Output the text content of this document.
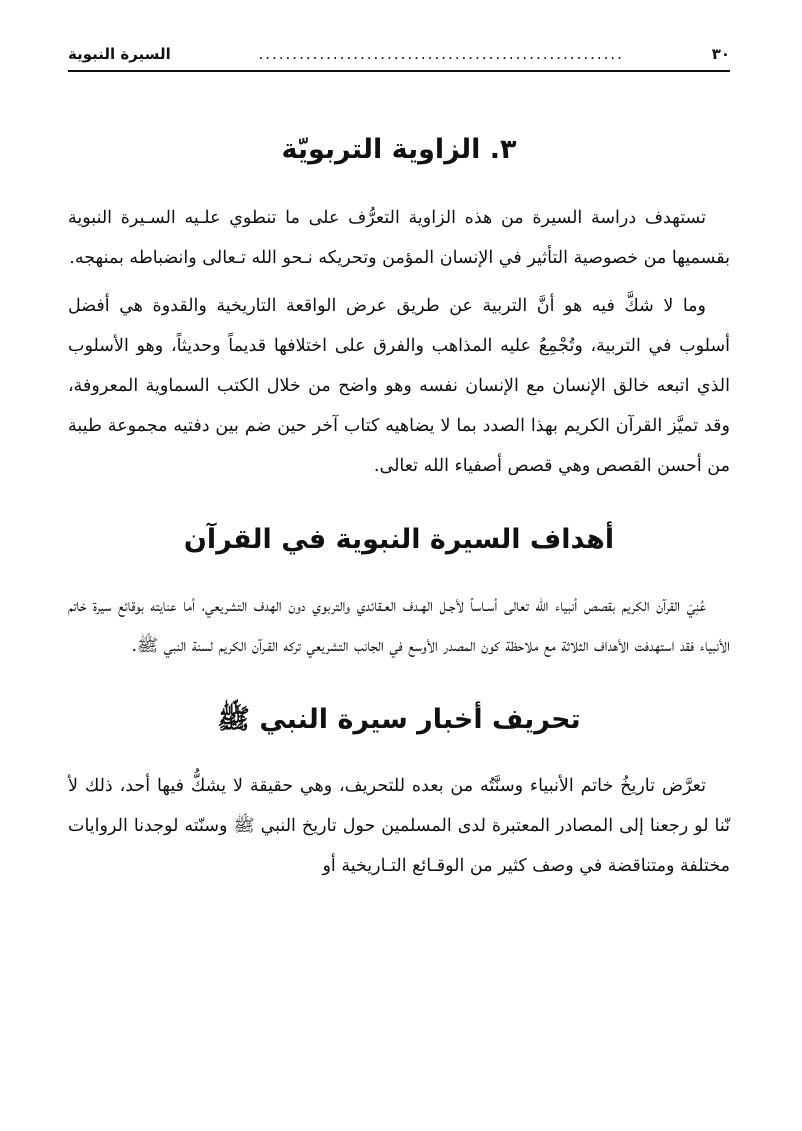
٣٠
......................................................
السيرة النبوية
٣. الزاوية التربويّة

تستهدف دراسة السيرة من هذه الزاوية التعرُّف على ما تنطوي علـيه السـيرة النبوية بقسميها من خصوصية التأثير في الإنسان المؤمن وتحريكه نـحو الله تـعالى وانضباطه بمنهجه.

وما لا شكَّ فيه هو أنَّ التربية عن طريق عرض الواقعة التاريخية والقدوة هي أفضل أسلوب في التربية، وتُجْمِعُ عليه المذاهب والفرق على اختلافها قديماً وحديثاً، وهو الأسلوب الذي اتبعه خالق الإنسان مع الإنسان نفسه وهو واضح من خلال الكتب السماوية المعروفة، وقد تميَّز القرآن الكريم بهذا الصدد بما لا يضاهيه كتاب آخر حين ضم بين دفتيه مجموعة طيبة من أحسن القصص وهي قصص أصفياء الله تعالى.

أهداف السيرة النبوية في القرآن

عُنِيَ القرآن الكريم بقصص أنبياء الله تعالى أسـاساً لأجـل الهـدف العـقائدي والتربوي دون الهدف التشريعي، أما عنايته بوقائع سيرة خاتم الأنبياء فقد استهدفت الأهداف الثلاثة مع ملاحظة كون المصدر الأوسع في الجانب التشريعي تركه القـرآن الكريم لسنة النبي ﷺ.

تحريف أخبار سيرة النبي ﷺ

تعرَّض تاريخُ خاتم الأنبياء وسنَّتُه من بعده للتحريف، وهي حقيقة لا يشكُّ فيها أحد، ذلك لأ نّنا لو رجعنا إلى المصادر المعتبرة لدى المسلمين حول تاريخ النبي ﷺ وسنّته لوجدنا الروايات مختلفة ومتناقضة في وصف كثير من الوقـائع التـاريخية أو
